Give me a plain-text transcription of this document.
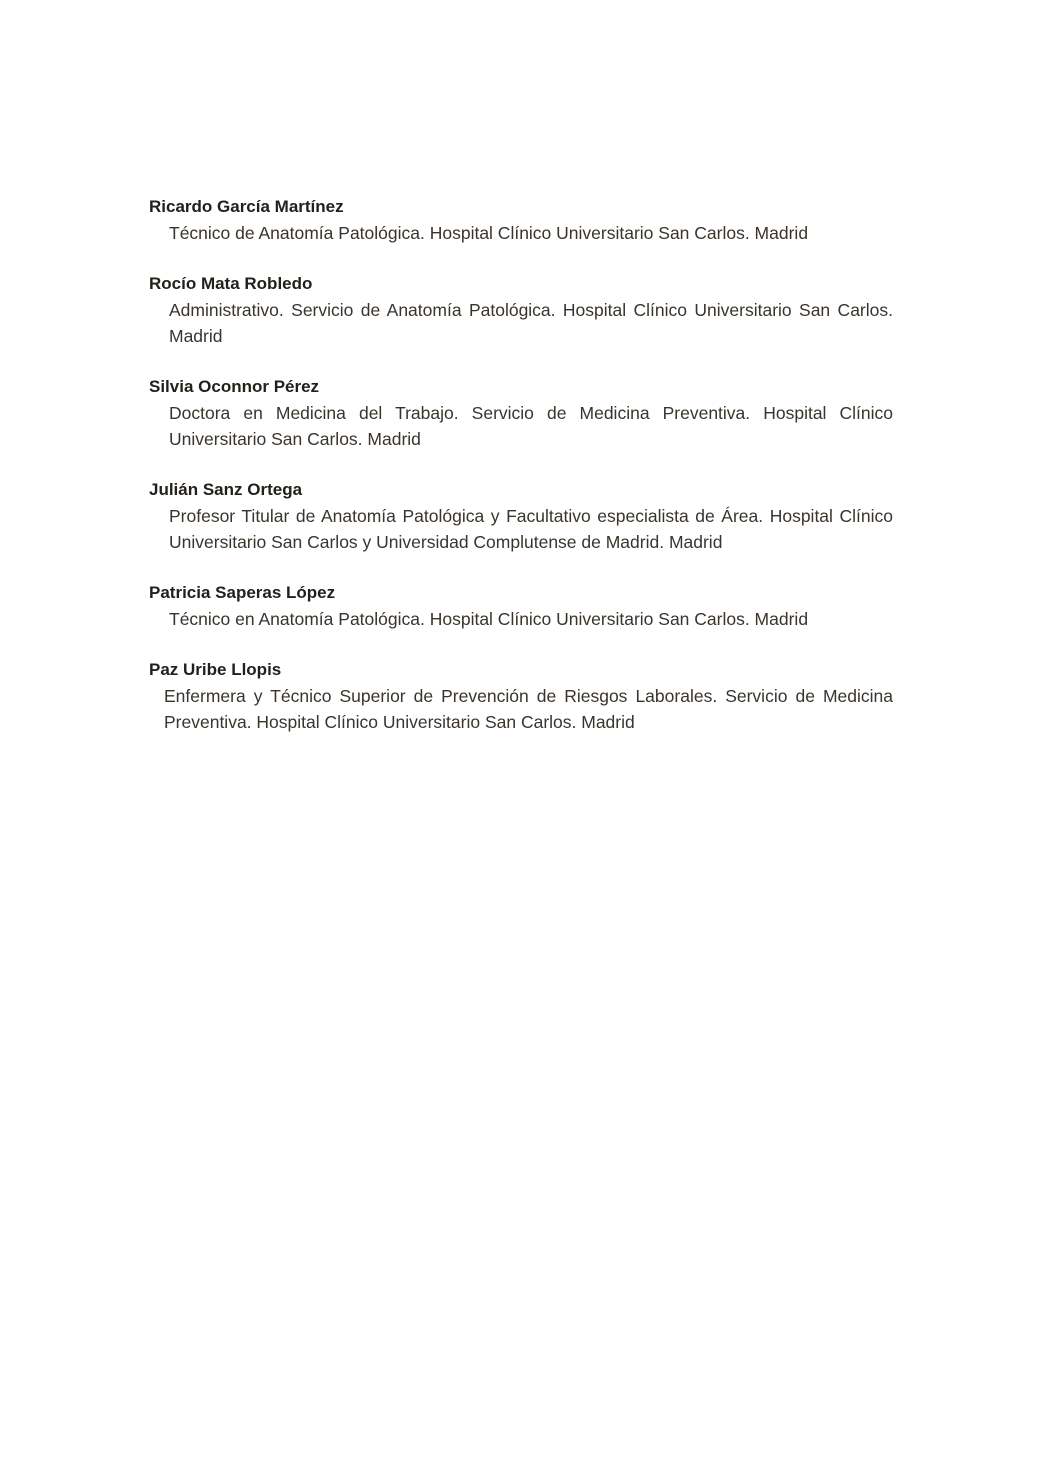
Ricardo García Martínez
Técnico de Anatomía Patológica. Hospital Clínico Universitario San Carlos. Madrid
Rocío Mata Robledo
Administrativo. Servicio de Anatomía Patológica. Hospital Clínico Universitario San Carlos. Madrid
Silvia Oconnor Pérez
Doctora en Medicina del Trabajo. Servicio de Medicina Preventiva. Hospital Clínico Universitario San Carlos. Madrid
Julián Sanz Ortega
Profesor Titular de Anatomía Patológica y Facultativo especialista de Área. Hospital Clínico Universitario San Carlos y Universidad Complutense de Madrid. Madrid
Patricia Saperas López
Técnico en Anatomía Patológica. Hospital Clínico Universitario San Carlos. Madrid
Paz Uribe Llopis
Enfermera y Técnico Superior de Prevención de Riesgos Laborales. Servicio de Medicina Preventiva. Hospital Clínico Universitario San Carlos. Madrid
